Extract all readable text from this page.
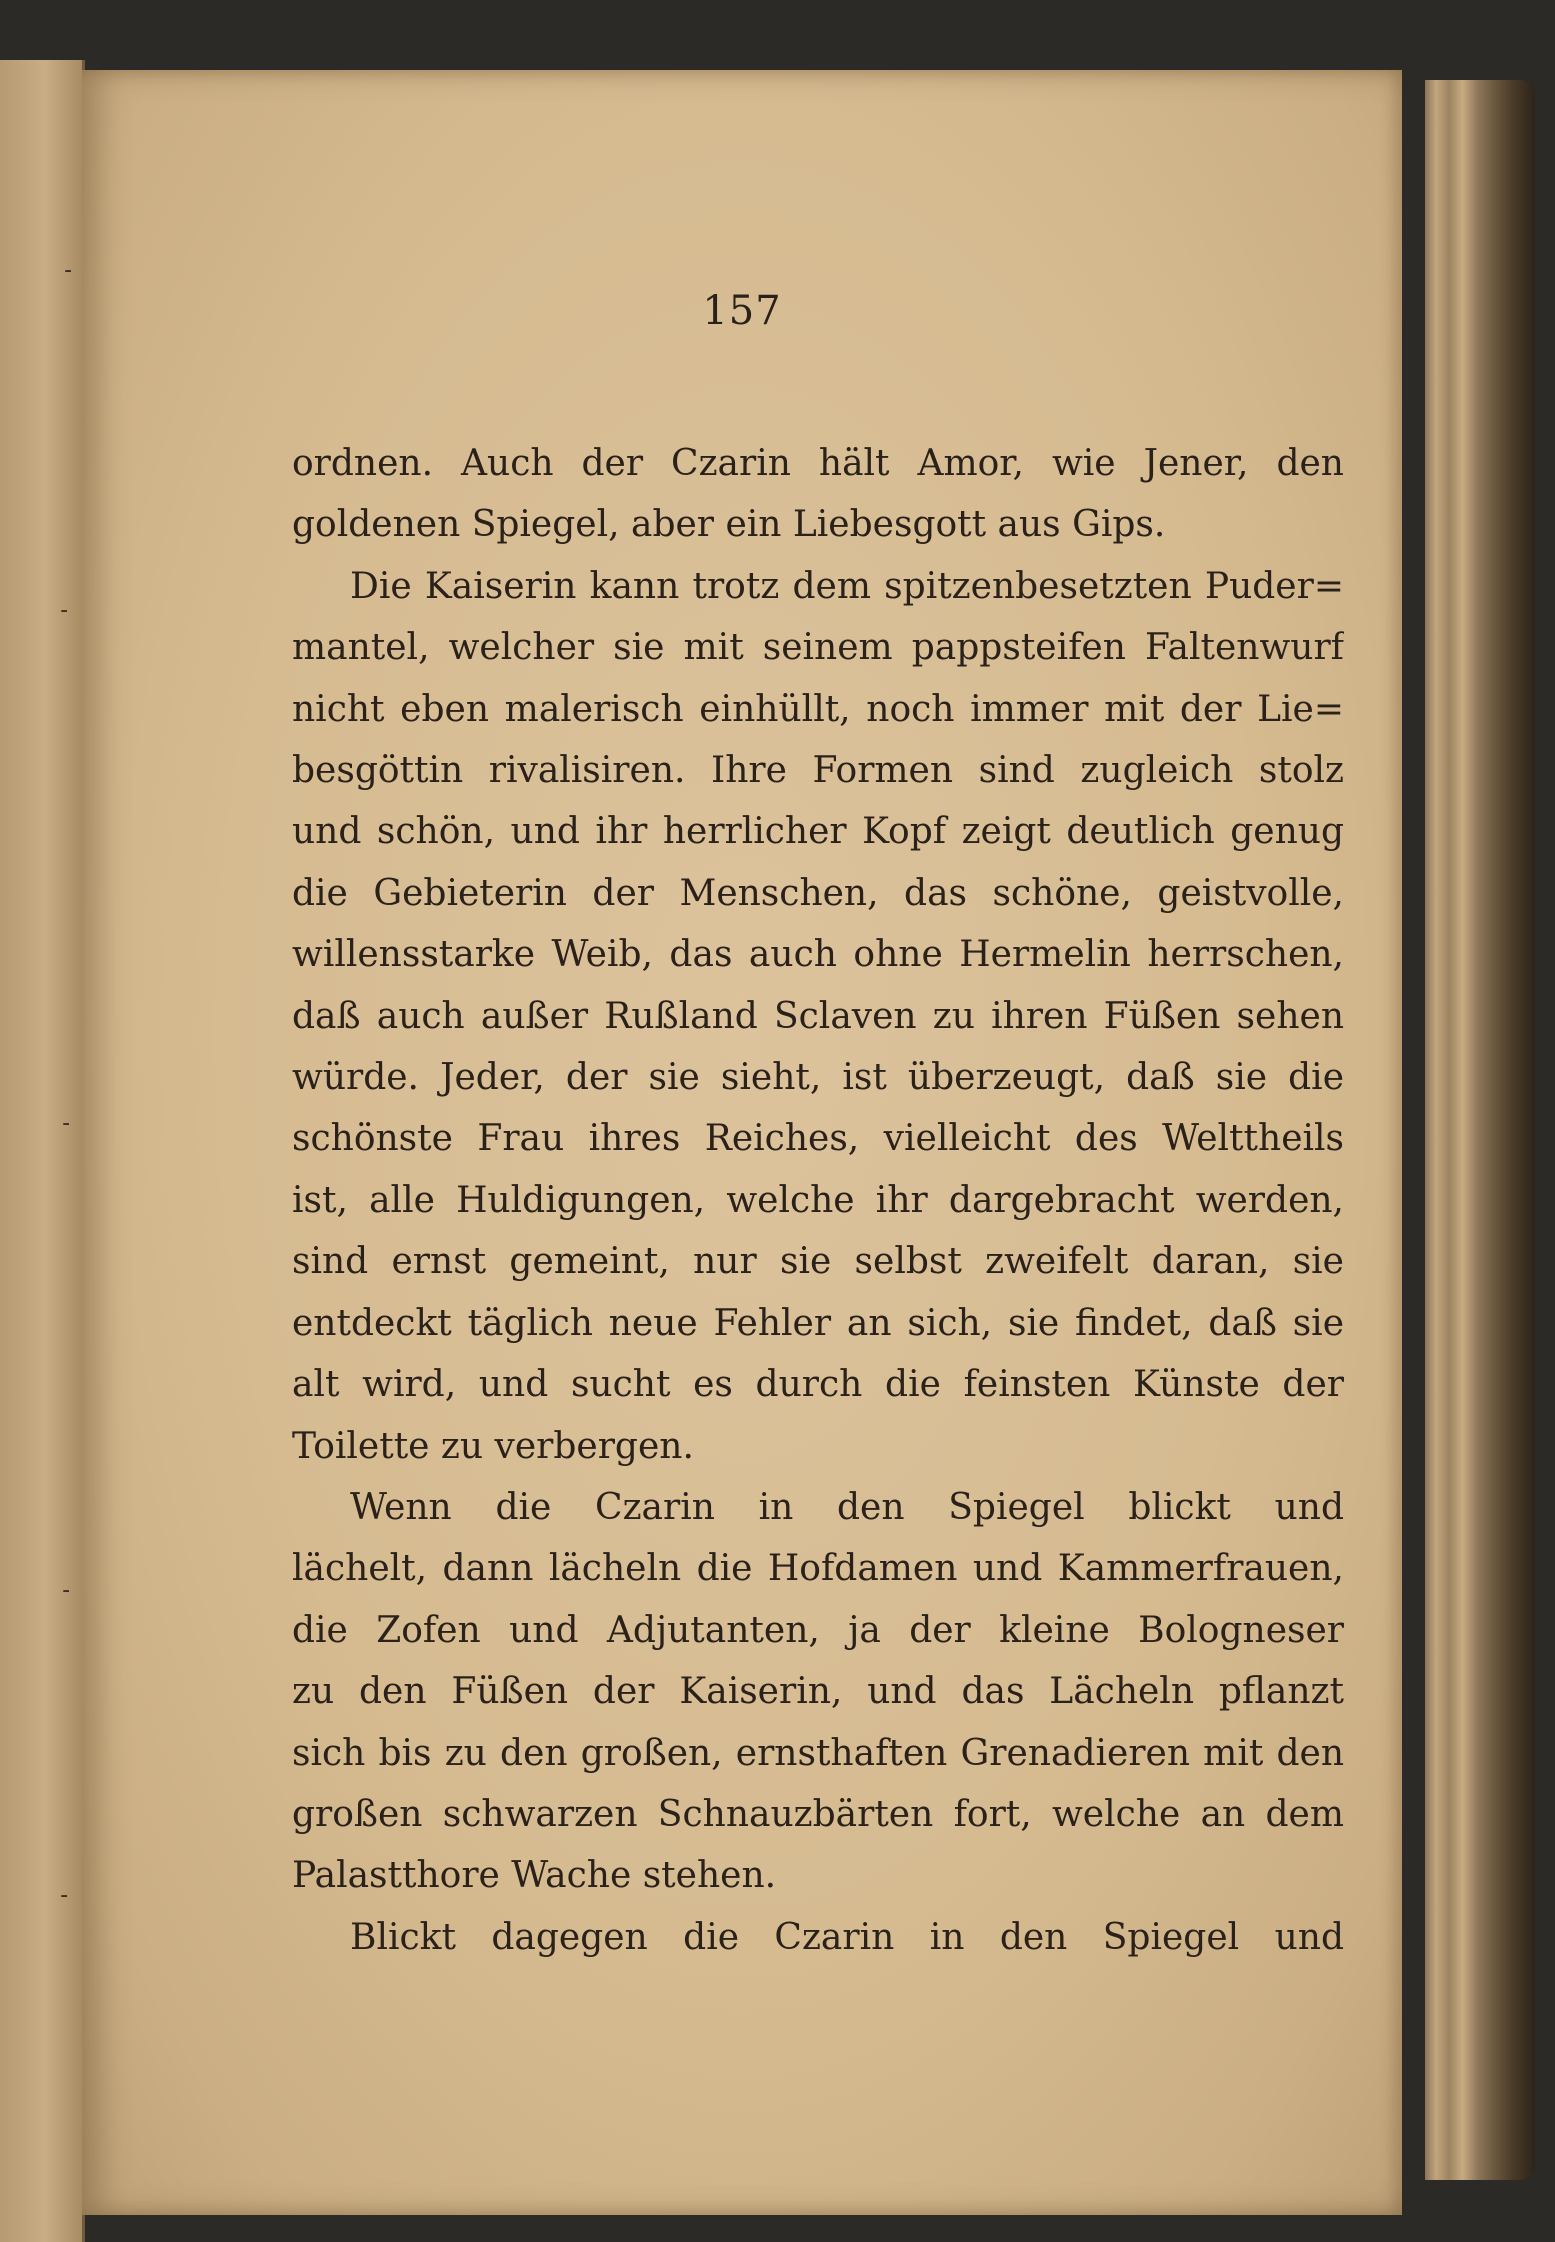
157
ordnen. Auch der Czarin hält Amor, wie Jener, den
goldenen Spiegel, aber ein Liebesgott aus Gips.
Die Kaiserin kann trotz dem spitzenbesetzten Puder=
mantel, welcher sie mit seinem pappsteifen Faltenwurf
nicht eben malerisch einhüllt, noch immer mit der Lie=
besgöttin rivalisiren. Ihre Formen sind zugleich stolz
und schön, und ihr herrlicher Kopf zeigt deutlich genug
die Gebieterin der Menschen, das schöne, geistvolle,
willensstarke Weib, das auch ohne Hermelin herrschen,
daß auch außer Rußland Sclaven zu ihren Füßen sehen
würde. Jeder, der sie sieht, ist überzeugt, daß sie die
schönste Frau ihres Reiches, vielleicht des Welttheils
ist, alle Huldigungen, welche ihr dargebracht werden,
sind ernst gemeint, nur sie selbst zweifelt daran, sie
entdeckt täglich neue Fehler an sich, sie findet, daß sie
alt wird, und sucht es durch die feinsten Künste der
Toilette zu verbergen.
Wenn die Czarin in den Spiegel blickt und
lächelt, dann lächeln die Hofdamen und Kammerfrauen,
die Zofen und Adjutanten, ja der kleine Bologneser
zu den Füßen der Kaiserin, und das Lächeln pflanzt
sich bis zu den großen, ernsthaften Grenadieren mit den
großen schwarzen Schnauzbärten fort, welche an dem
Palastthore Wache stehen.
Blickt dagegen die Czarin in den Spiegel und
˗
˗
˗
˗
˗
